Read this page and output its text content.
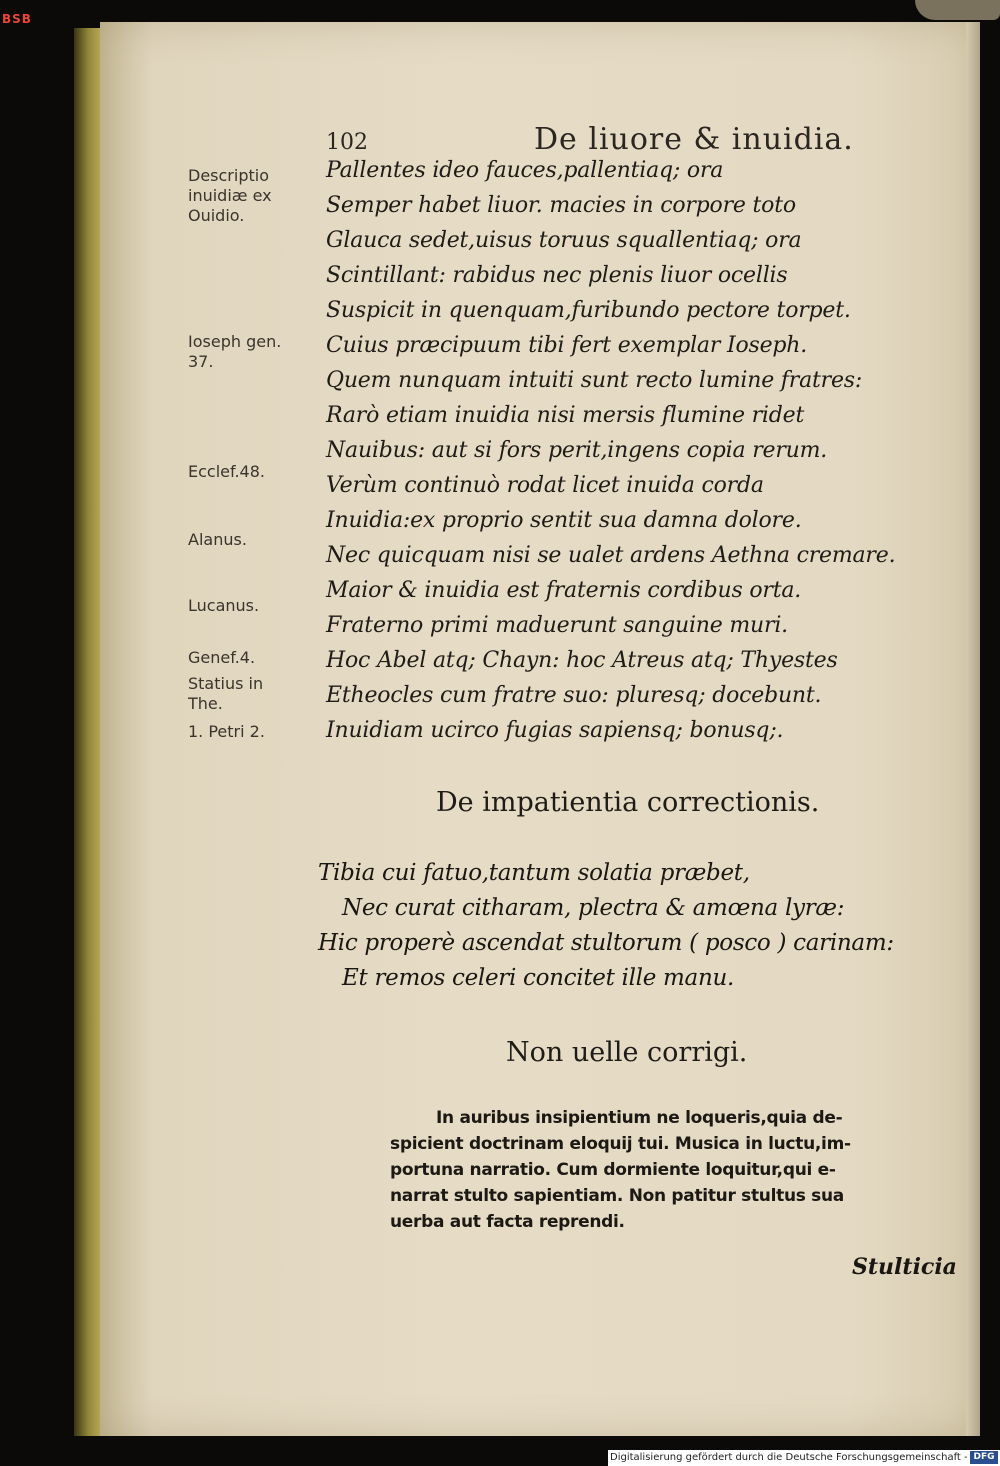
BSB
102	De liuore & inuidia.
Descriptio
inuidiæ ex
Ouidio.
Ioseph gen.
37.
Ecclef.48.
Alanus.
Lucanus.
Genef.4.
Statius in
The.
1. Petri 2.
Pallentes ideo fauces,pallentiaq; ora
Semper habet liuor. macies in corpore toto
Glauca sedet,uisus toruus squallentiaq; ora
Scintillant: rabidus nec plenis liuor ocellis
Suspicit in quenquam,furibundo pectore torpet.
Cuius præcipuum tibi fert exemplar Ioseph.
Quem nunquam intuiti sunt recto lumine fratres:
Rarò etiam inuidia nisi mersis flumine ridet
Nauibus: aut si fors perit,ingens copia rerum.
Verùm continuò rodat licet inuida corda
Inuidia:ex proprio sentit sua damna dolore.
Nec quicquam nisi se ualet ardens Aethna cremare.
Maior & inuidia est fraternis cordibus orta.
Fraterno primi maduerunt sanguine muri.
Hoc Abel atq; Chayn: hoc Atreus atq; Thyestes
Etheocles cum fratre suo: pluresq; docebunt.
Inuidiam ucirco fugias sapiensq; bonusq;.
De impatientia correctionis.
Tibia cui fatuo,tantum solatia præbet,
Nec curat citharam, plectra & amœna lyræ:
Hic properè ascendat stultorum ( posco ) carinam:
Et remos celeri concitet ille manu.
Non uelle corrigi.
In auribus insipientium ne loqueris,quia de-
spicient doctrinam eloquij tui. Musica in luctu,im-
portuna narratio. Cum dormiente loquitur,qui e-
narrat stulto sapientiam. Non patitur stultus sua
uerba aut facta reprendi.
Stulticia
Digitalisierung gefördert durch die Deutsche Forschungsgemeinschaft - DFG
